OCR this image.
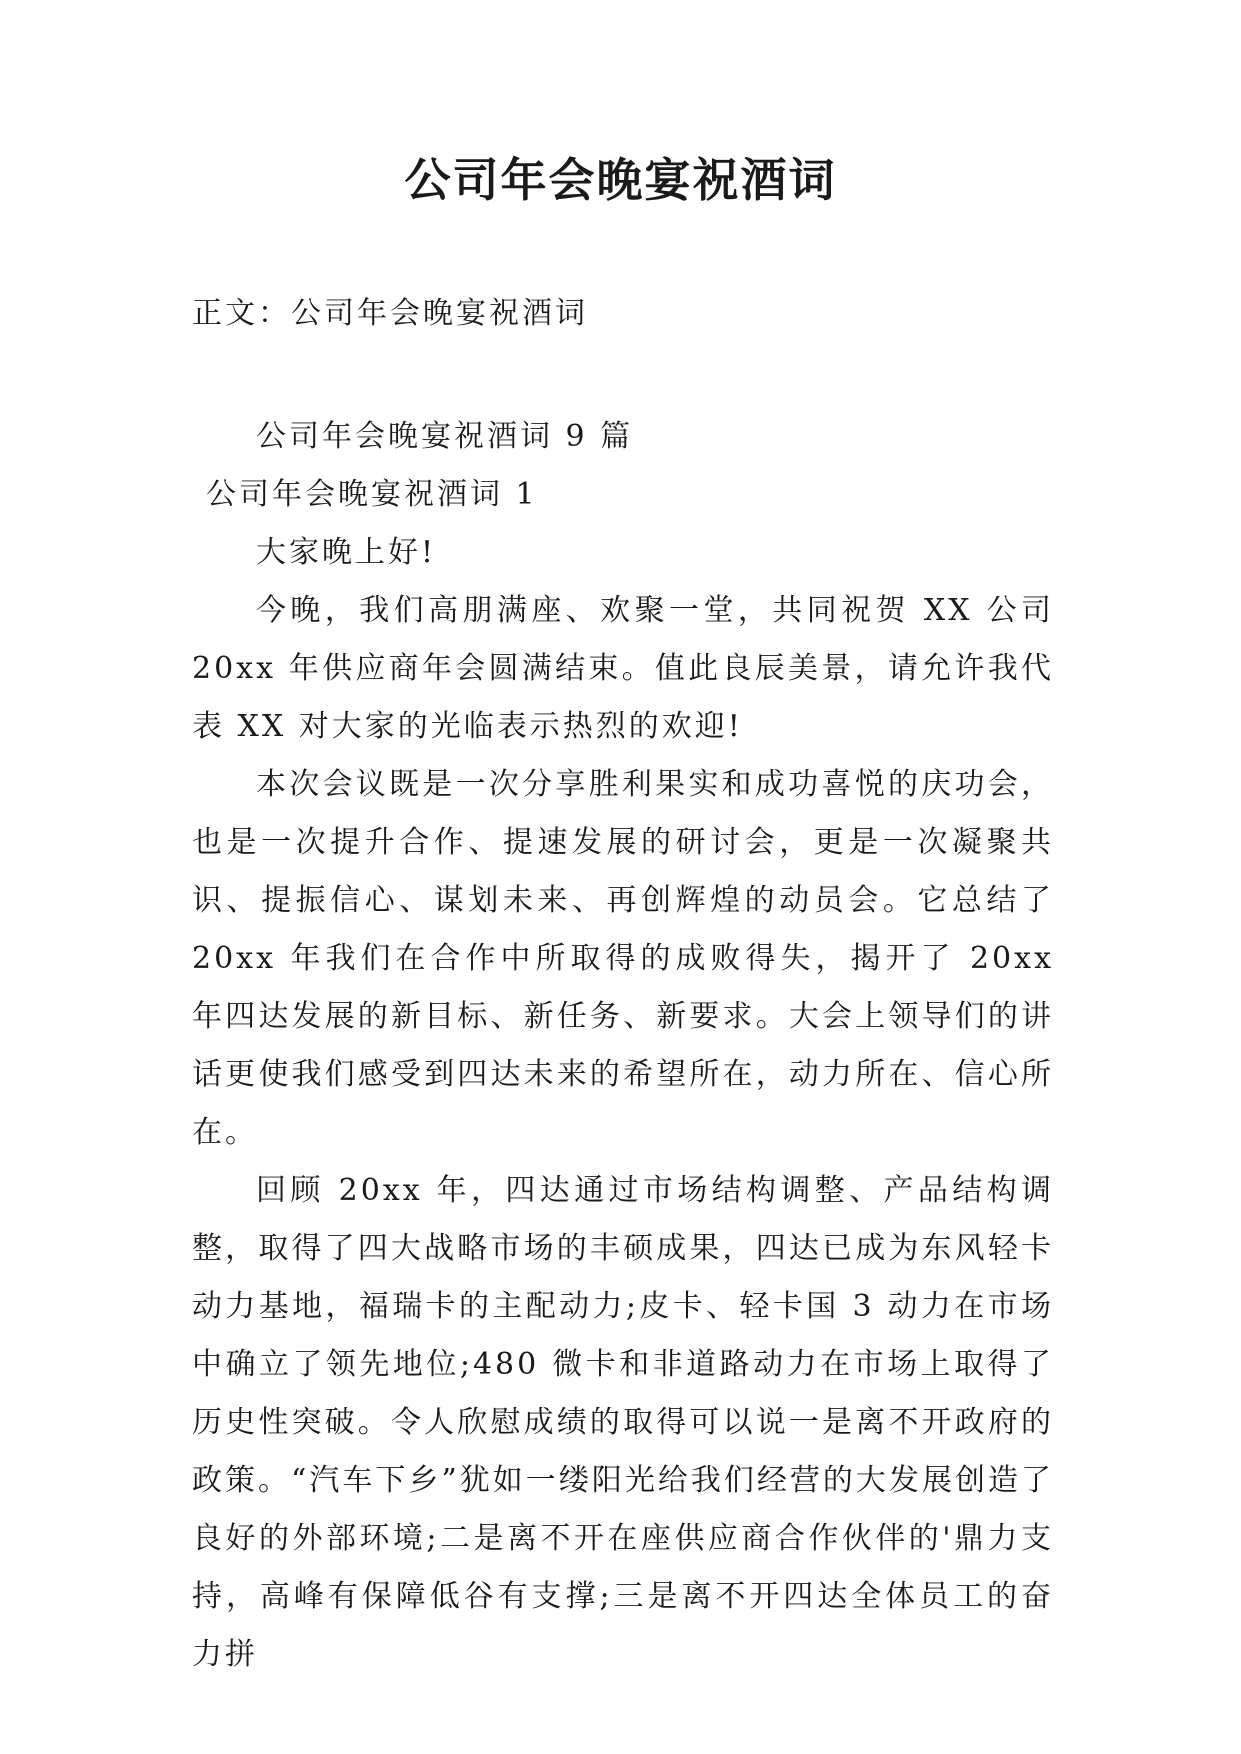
公司年会晚宴祝酒词

正文：公司年会晚宴祝酒词

公司年会晚宴祝酒词 9 篇

公司年会晚宴祝酒词 1

大家晚上好!

今晚，我们高朋满座、欢聚一堂，共同祝贺 XX 公司 20xx 年供应商年会圆满结束。值此良辰美景，请允许我代表 XX 对大家的光临表示热烈的欢迎!

本次会议既是一次分享胜利果实和成功喜悦的庆功会，也是一次提升合作、提速发展的研讨会，更是一次凝聚共识、提振信心、谋划未来、再创辉煌的动员会。它总结了 20xx 年我们在合作中所取得的成败得失，揭开了 20xx 年四达发展的新目标、新任务、新要求。大会上领导们的讲话更使我们感受到四达未来的希望所在，动力所在、信心所在。

回顾 20xx 年，四达通过市场结构调整、产品结构调整，取得了四大战略市场的丰硕成果，四达已成为东风轻卡动力基地，福瑞卡的主配动力;皮卡、轻卡国 3 动力在市场中确立了领先地位;480 微卡和非道路动力在市场上取得了历史性突破。令人欣慰成绩的取得可以说一是离不开政府的政策。“汽车下乡”犹如一缕阳光给我们经营的大发展创造了良好的外部环境;二是离不开在座供应商合作伙伴的'鼎力支持，高峰有保障低谷有支撑;三是离不开四达全体员工的奋力拼
